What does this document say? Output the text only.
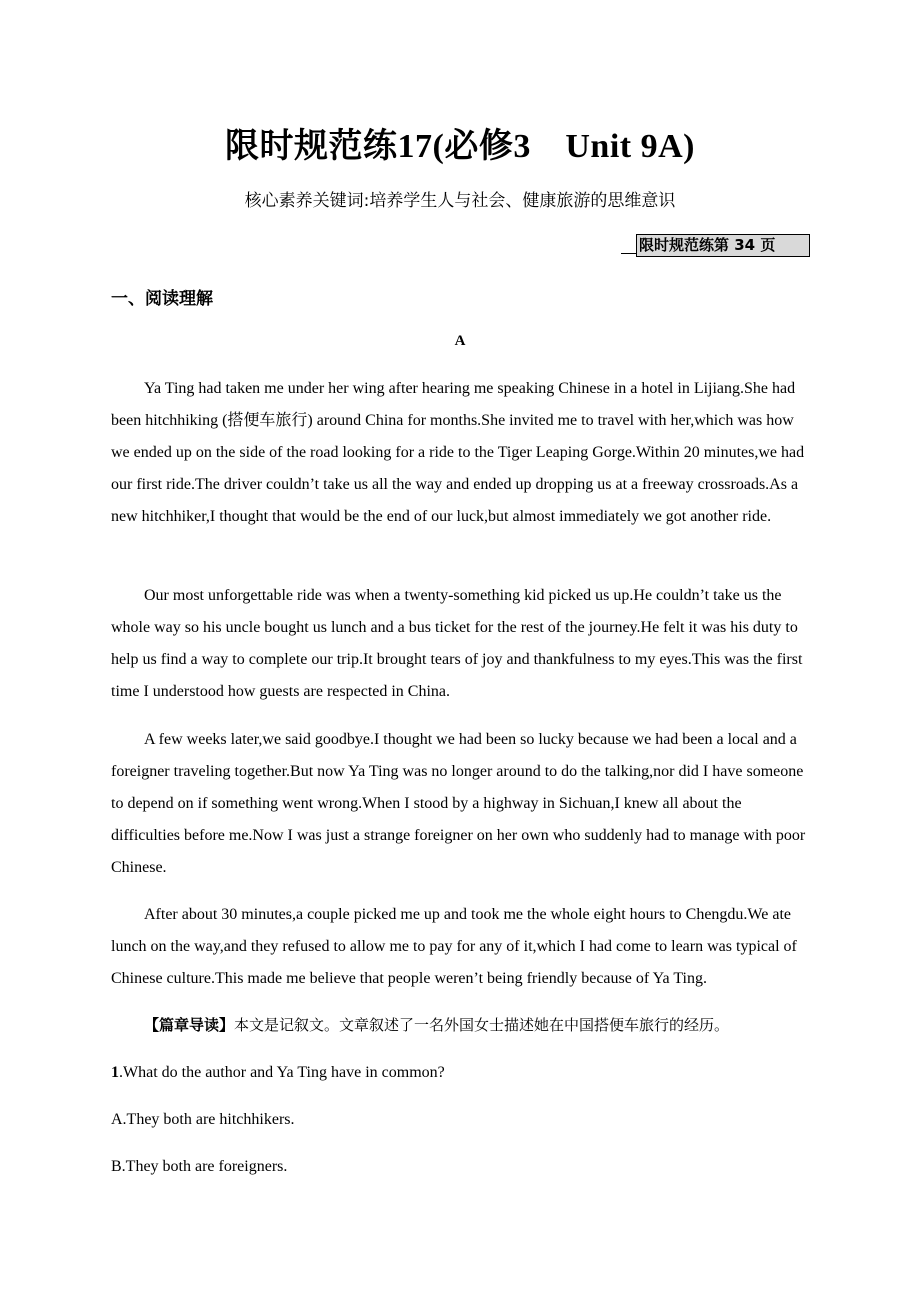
限时规范练17(必修3　Unit 9A)
核心素养关键词:培养学生人与社会、健康旅游的思维意识
限时规范练第 34 页
一、阅读理解
A
Ya Ting had taken me under her wing after hearing me speaking Chinese in a hotel in Lijiang.She had been hitchhiking (搭便车旅行) around China for months.She invited me to travel with her,which was how we ended up on the side of the road looking for a ride to the Tiger Leaping Gorge.Within 20 minutes,we had our first ride.The driver couldn’t take us all the way and ended up dropping us at a freeway crossroads.As a new hitchhiker,I thought that would be the end of our luck,but almost immediately we got another ride.
Our most unforgettable ride was when a twenty-something kid picked us up.He couldn’t take us the whole way so his uncle bought us lunch and a bus ticket for the rest of the journey.He felt it was his duty to help us find a way to complete our trip.It brought tears of joy and thankfulness to my eyes.This was the first time I understood how guests are respected in China.
A few weeks later,we said goodbye.I thought we had been so lucky because we had been a local and a foreigner traveling together.But now Ya Ting was no longer around to do the talking,nor did I have someone to depend on if something went wrong.When I stood by a highway in Sichuan,I knew all about the difficulties before me.Now I was just a strange foreigner on her own who suddenly had to manage with poor Chinese.
After about 30 minutes,a couple picked me up and took me the whole eight hours to Chengdu.We ate lunch on the way,and they refused to allow me to pay for any of it,which I had come to learn was typical of Chinese culture.This made me believe that people weren’t being friendly because of Ya Ting.
【篇章导读】本文是记叙文。文章叙述了一名外国女士描述她在中国搭便车旅行的经历。
1.What do the author and Ya Ting have in common?
A.They both are hitchhikers.
B.They both are foreigners.
